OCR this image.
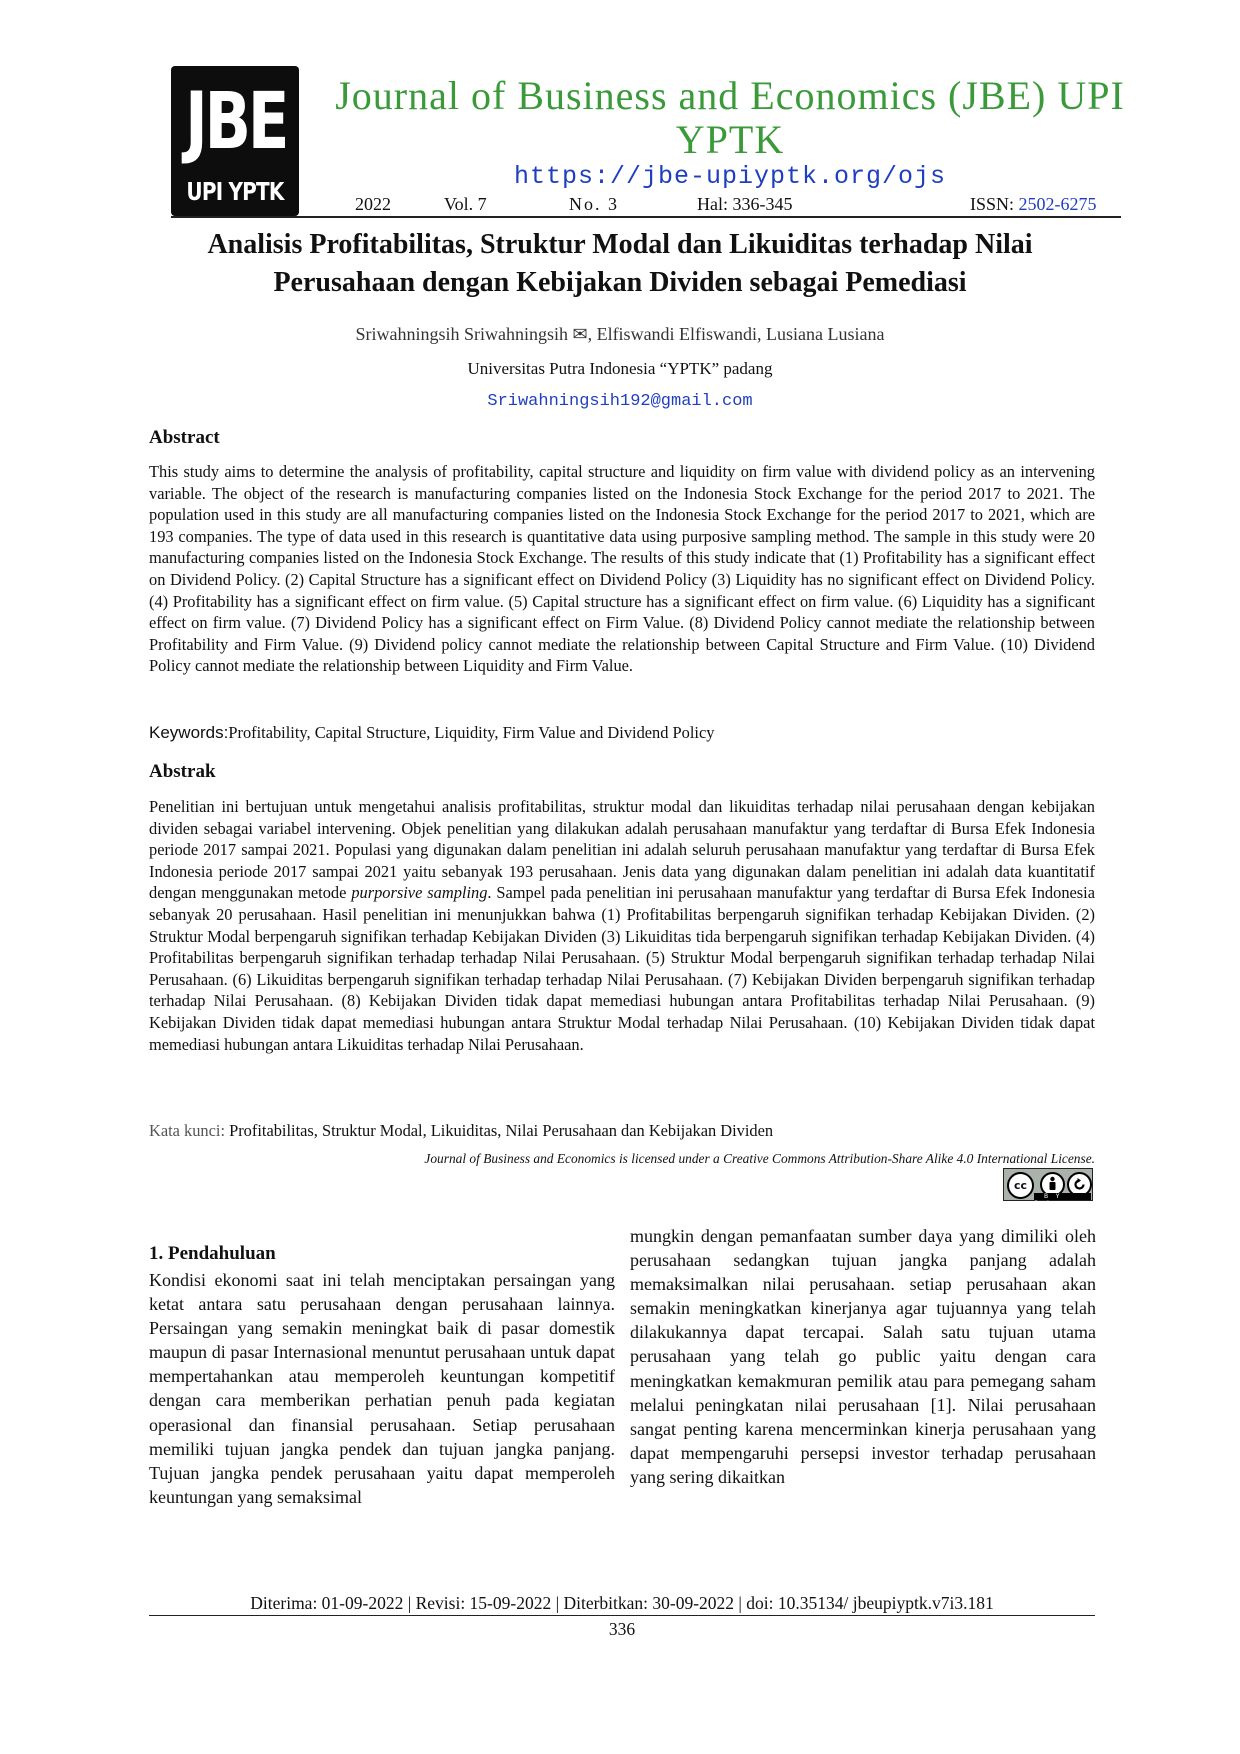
JBE
UPI YPTK
Journal of Business and Economics (JBE) UPI YPTK
https://jbe-upiyptk.org/ojs
2022	Vol. 7	No. 3	Hal: 336-345	ISSN: 2502-6275
Analisis Profitabilitas, Struktur Modal dan Likuiditas terhadap Nilai Perusahaan dengan Kebijakan Dividen sebagai Pemediasi
Sriwahningsih Sriwahningsih ✉, Elfiswandi Elfiswandi, Lusiana Lusiana
Universitas Putra Indonesia “YPTK” padang
Sriwahningsih192@gmail.com
Abstract
This study aims to determine the analysis of profitability, capital structure and liquidity on firm value with dividend policy as an intervening variable. The object of the research is manufacturing companies listed on the Indonesia Stock Exchange for the period 2017 to 2021. The population used in this study are all manufacturing companies listed on the Indonesia Stock Exchange for the period 2017 to 2021, which are 193 companies. The type of data used in this research is quantitative data using purposive sampling method. The sample in this study were 20 manufacturing companies listed on the Indonesia Stock Exchange. The results of this study indicate that (1) Profitability has a significant effect on Dividend Policy. (2) Capital Structure has a significant effect on Dividend Policy (3) Liquidity has no significant effect on Dividend Policy. (4) Profitability has a significant effect on firm value. (5) Capital structure has a significant effect on firm value. (6) Liquidity has a significant effect on firm value. (7) Dividend Policy has a significant effect on Firm Value. (8) Dividend Policy cannot mediate the relationship between Profitability and Firm Value. (9) Dividend policy cannot mediate the relationship between Capital Structure and Firm Value. (10) Dividend Policy cannot mediate the relationship between Liquidity and Firm Value.
Keywords:Profitability, Capital Structure, Liquidity, Firm Value and Dividend Policy
Abstrak
Penelitian ini bertujuan untuk mengetahui analisis profitabilitas, struktur modal dan likuiditas terhadap nilai perusahaan dengan kebijakan dividen sebagai variabel intervening. Objek penelitian yang dilakukan adalah perusahaan manufaktur yang terdaftar di Bursa Efek Indonesia periode 2017 sampai 2021. Populasi yang digunakan dalam penelitian ini adalah seluruh perusahaan manufaktur yang terdaftar di Bursa Efek Indonesia periode 2017 sampai 2021 yaitu sebanyak 193 perusahaan. Jenis data yang digunakan dalam penelitian ini adalah data kuantitatif dengan menggunakan metode purporsive sampling. Sampel pada penelitian ini perusahaan manufaktur yang terdaftar di Bursa Efek Indonesia sebanyak 20 perusahaan. Hasil penelitian ini menunjukkan bahwa (1) Profitabilitas berpengaruh signifikan terhadap Kebijakan Dividen. (2) Struktur Modal berpengaruh signifikan terhadap Kebijakan Dividen (3) Likuiditas tida berpengaruh signifikan terhadap Kebijakan Dividen. (4) Profitabilitas berpengaruh signifikan terhadap terhadap Nilai Perusahaan. (5) Struktur Modal berpengaruh signifikan terhadap terhadap Nilai Perusahaan. (6) Likuiditas berpengaruh signifikan terhadap terhadap Nilai Perusahaan. (7) Kebijakan Dividen berpengaruh signifikan terhadap terhadap Nilai Perusahaan. (8) Kebijakan Dividen tidak dapat memediasi hubungan antara Profitabilitas terhadap Nilai Perusahaan. (9) Kebijakan Dividen tidak dapat memediasi hubungan antara Struktur Modal terhadap Nilai Perusahaan. (10) Kebijakan Dividen tidak dapat memediasi hubungan antara Likuiditas terhadap Nilai Perusahaan.
Kata kunci: Profitabilitas, Struktur Modal, Likuiditas, Nilai Perusahaan dan Kebijakan Dividen
Journal of Business and Economics is licensed under a Creative Commons Attribution-Share Alike 4.0 International License.
cc
BY SA
1. Pendahuluan
Kondisi ekonomi saat ini telah menciptakan persaingan yang ketat antara satu perusahaan dengan perusahaan lainnya. Persaingan yang semakin meningkat baik di pasar domestik maupun di pasar Internasional menuntut perusahaan untuk dapat mempertahankan atau memperoleh keuntungan kompetitif dengan cara memberikan perhatian penuh pada kegiatan operasional dan finansial perusahaan. Setiap perusahaan memiliki tujuan jangka pendek dan tujuan jangka panjang. Tujuan jangka pendek perusahaan yaitu dapat memperoleh keuntungan yang semaksimal
mungkin dengan pemanfaatan sumber daya yang dimiliki oleh perusahaan sedangkan tujuan jangka panjang adalah memaksimalkan nilai perusahaan. setiap perusahaan akan semakin meningkatkan kinerjanya agar tujuannya yang telah dilakukannya dapat tercapai. Salah satu tujuan utama perusahaan yang telah go public yaitu dengan cara meningkatkan kemakmuran pemilik atau para pemegang saham melalui peningkatan nilai perusahaan [1]. Nilai perusahaan sangat penting karena mencerminkan kinerja perusahaan yang dapat mempengaruhi persepsi investor terhadap perusahaan yang sering dikaitkan
Diterima: 01-09-2022 | Revisi: 15-09-2022 | Diterbitkan: 30-09-2022 | doi: 10.35134/ jbeupiyptk.v7i3.181
336
